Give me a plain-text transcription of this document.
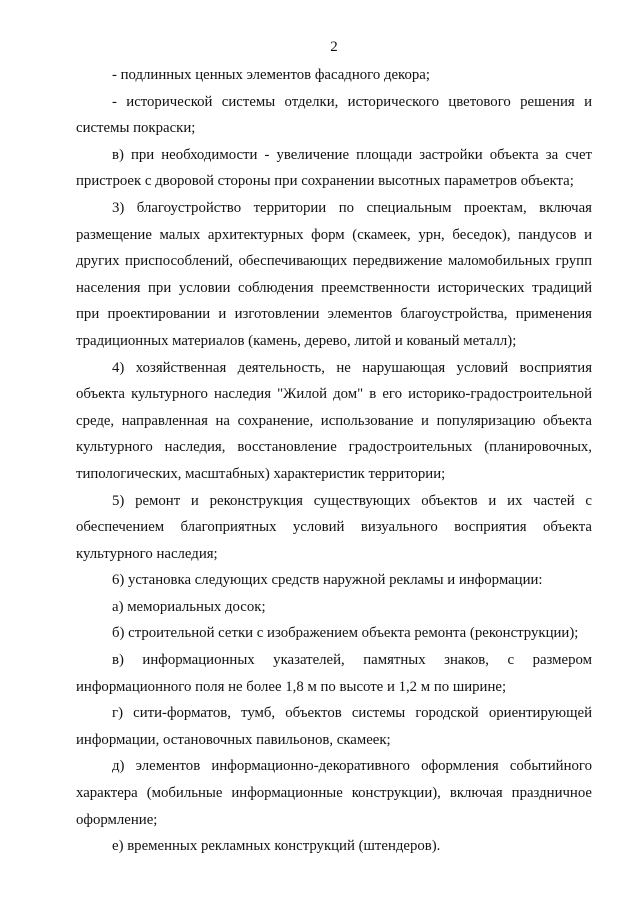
2

- подлинных ценных элементов фасадного декора;

- исторической системы отделки, исторического цветового решения и системы покраски;

в) при необходимости - увеличение площади застройки объекта за счет пристроек с дворовой стороны при сохранении высотных параметров объекта;

3) благоустройство территории по специальным проектам, включая размещение малых архитектурных форм (скамеек, урн, беседок), пандусов и других приспособлений, обеспечивающих передвижение маломобильных групп населения при условии соблюдения преемственности исторических традиций при проектировании и изготовлении элементов благоустройства, применения традиционных материалов (камень, дерево, литой и кованый металл);

4) хозяйственная деятельность, не нарушающая условий восприятия объекта культурного наследия "Жилой дом" в его историко-градостроительной среде, направленная на сохранение, использование и популяризацию объекта культурного наследия, восстановление градостроительных (планировочных, типологических, масштабных) характеристик территории;

5) ремонт и реконструкция существующих объектов и их частей с обеспечением благоприятных условий визуального восприятия объекта культурного наследия;

6) установка следующих средств наружной рекламы и информации:

а) мемориальных досок;

б) строительной сетки с изображением объекта ремонта (реконструкции);

в) информационных указателей, памятных знаков, с размером информационного поля не более 1,8 м по высоте и 1,2 м по ширине;

г) сити-форматов, тумб, объектов системы городской ориентирующей информации, остановочных павильонов, скамеек;

д) элементов информационно-декоративного оформления событийного характера (мобильные информационные конструкции), включая праздничное оформление;

е) временных рекламных конструкций (штендеров).
